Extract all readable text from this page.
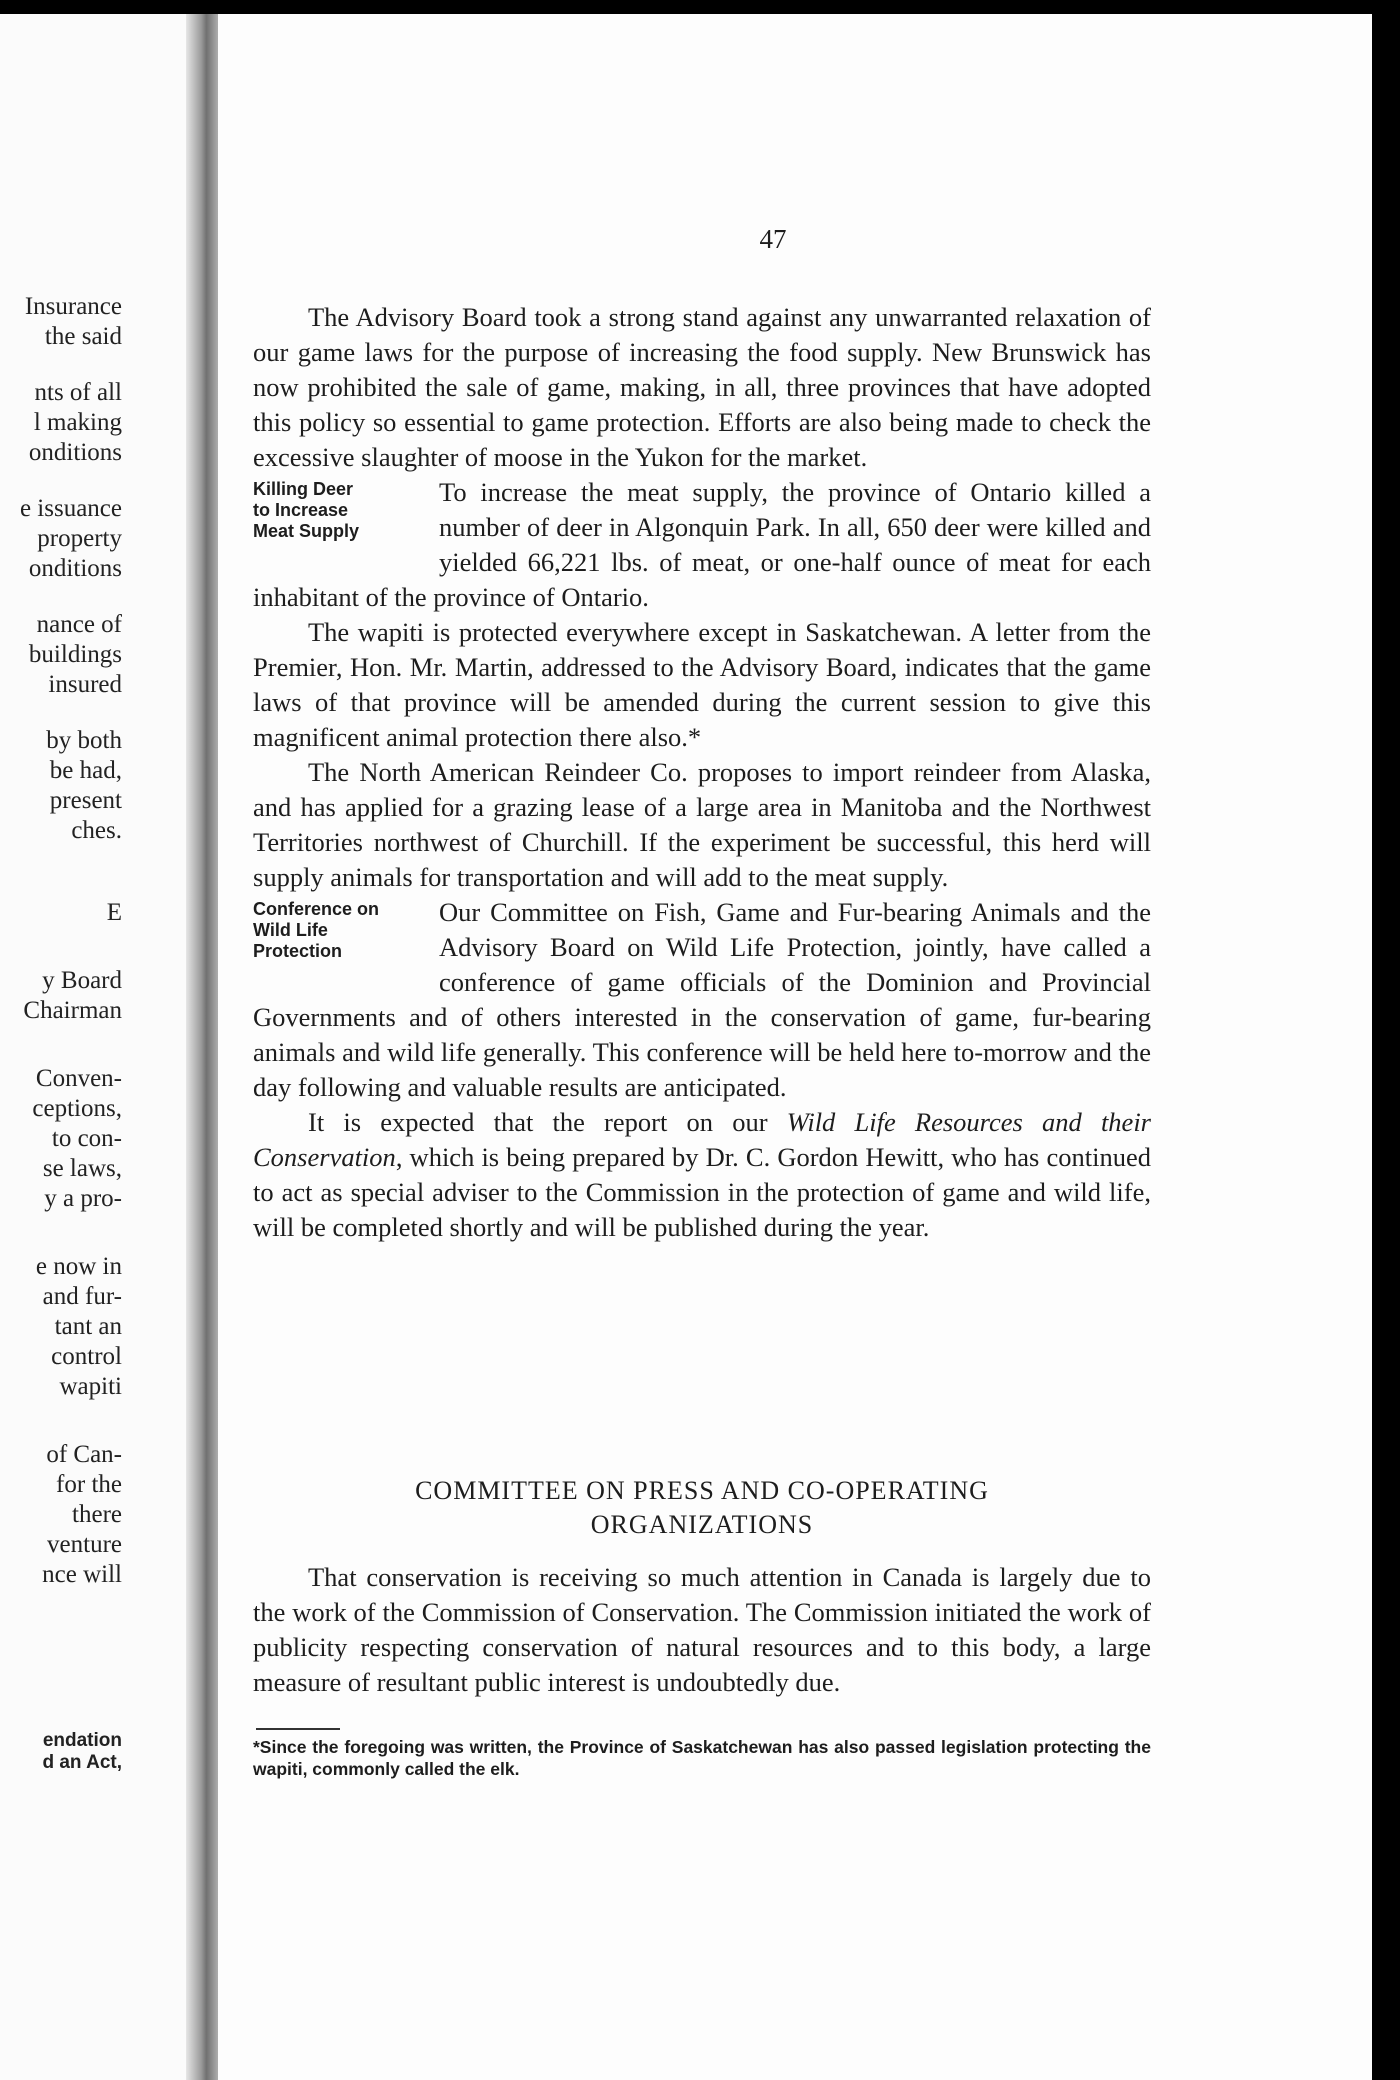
Insurance
the said
nts of all
l making
onditions
e issuance
property
onditions
nance of
buildings
insured
by both
be had,
present
ches.
E
y Board
Chairman
Conven-
ceptions,
to con-
se laws,
y a pro-
e now in
and fur-
tant an
control
wapiti
of Can-
for the
there
venture
nce will
endation
d an Act,
47

The Advisory Board took a strong stand against any unwarranted relaxation of our game laws for the purpose of increasing the food supply. New Brunswick has now prohibited the sale of game, making, in all, three provinces that have adopted this policy so essential to game protection. Efforts are also being made to check the excessive slaughter of moose in the Yukon for the market.

Killing Deer
to Increase
Meat Supply

To increase the meat supply, the province of Ontario killed a number of deer in Algonquin Park. In all, 650 deer were killed and yielded 66,221 lbs. of meat, or one-half ounce of meat for each inhabitant of the province of Ontario.

The wapiti is protected everywhere except in Saskatchewan. A letter from the Premier, Hon. Mr. Martin, addressed to the Advisory Board, indicates that the game laws of that province will be amended during the current session to give this magnificent animal protection there also.*

The North American Reindeer Co. proposes to import reindeer from Alaska, and has applied for a grazing lease of a large area in Manitoba and the Northwest Territories northwest of Churchill. If the experiment be successful, this herd will supply animals for transportation and will add to the meat supply.

Conference on
Wild Life
Protection

Our Committee on Fish, Game and Fur-bearing Animals and the Advisory Board on Wild Life Protection, jointly, have called a conference of game officials of the Dominion and Provincial Governments and of others interested in the conservation of game, fur-bearing animals and wild life generally. This conference will be held here to-morrow and the day following and valuable results are anticipated.

It is expected that the report on our Wild Life Resources and their Conservation, which is being prepared by Dr. C. Gordon Hewitt, who has continued to act as special adviser to the Commission in the protection of game and wild life, will be completed shortly and will be published during the year.

COMMITTEE ON PRESS AND CO-OPERATING
ORGANIZATIONS

That conservation is receiving so much attention in Canada is largely due to the work of the Commission of Conservation. The Commission initiated the work of publicity respecting conservation of natural resources and to this body, a large measure of resultant public interest is undoubtedly due.

*Since the foregoing was written, the Province of Saskatchewan has also passed legislation protecting the wapiti, commonly called the elk.
